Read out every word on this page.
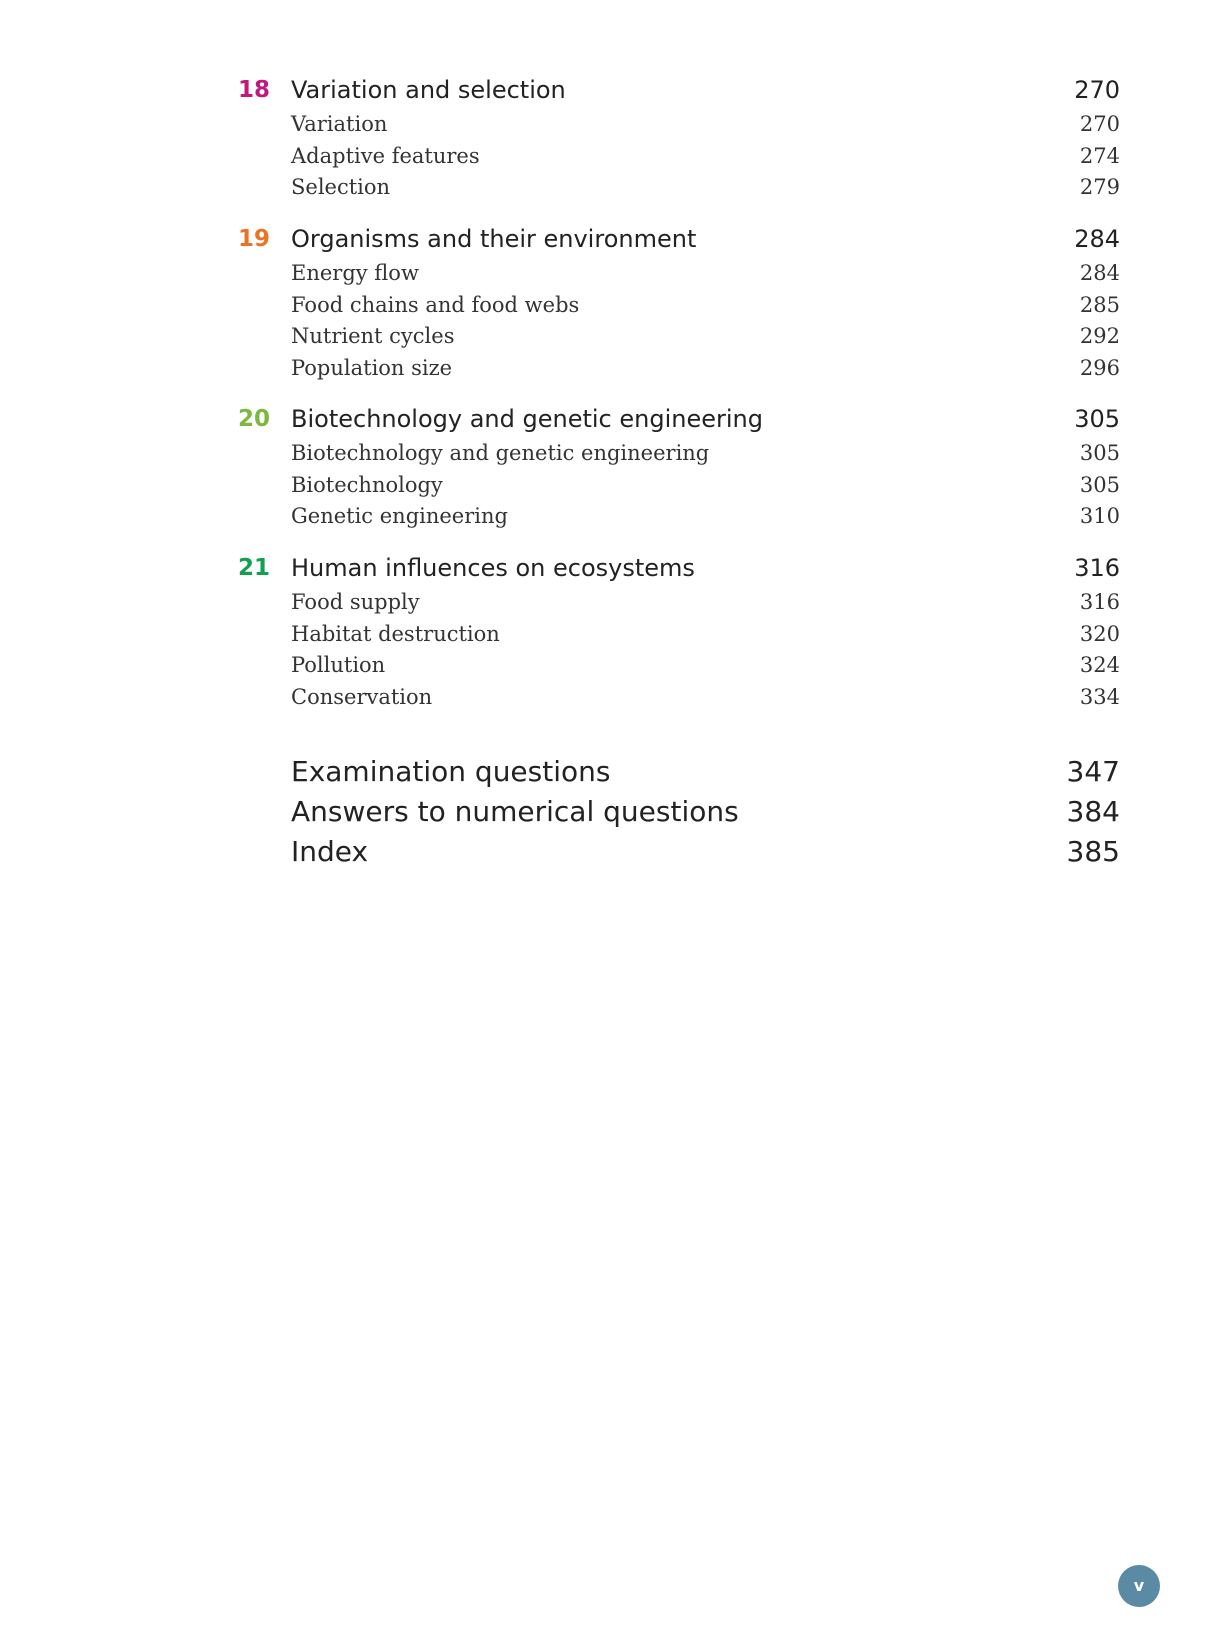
18 Variation and selection	270
Variation	270
Adaptive features	274
Selection	279
19 Organisms and their environment	284
Energy flow	284
Food chains and food webs	285
Nutrient cycles	292
Population size	296
20 Biotechnology and genetic engineering	305
Biotechnology and genetic engineering	305
Biotechnology	305
Genetic engineering	310
21 Human influences on ecosystems	316
Food supply	316
Habitat destruction	320
Pollution	324
Conservation	334
Examination questions	347
Answers to numerical questions	384
Index	385
v
